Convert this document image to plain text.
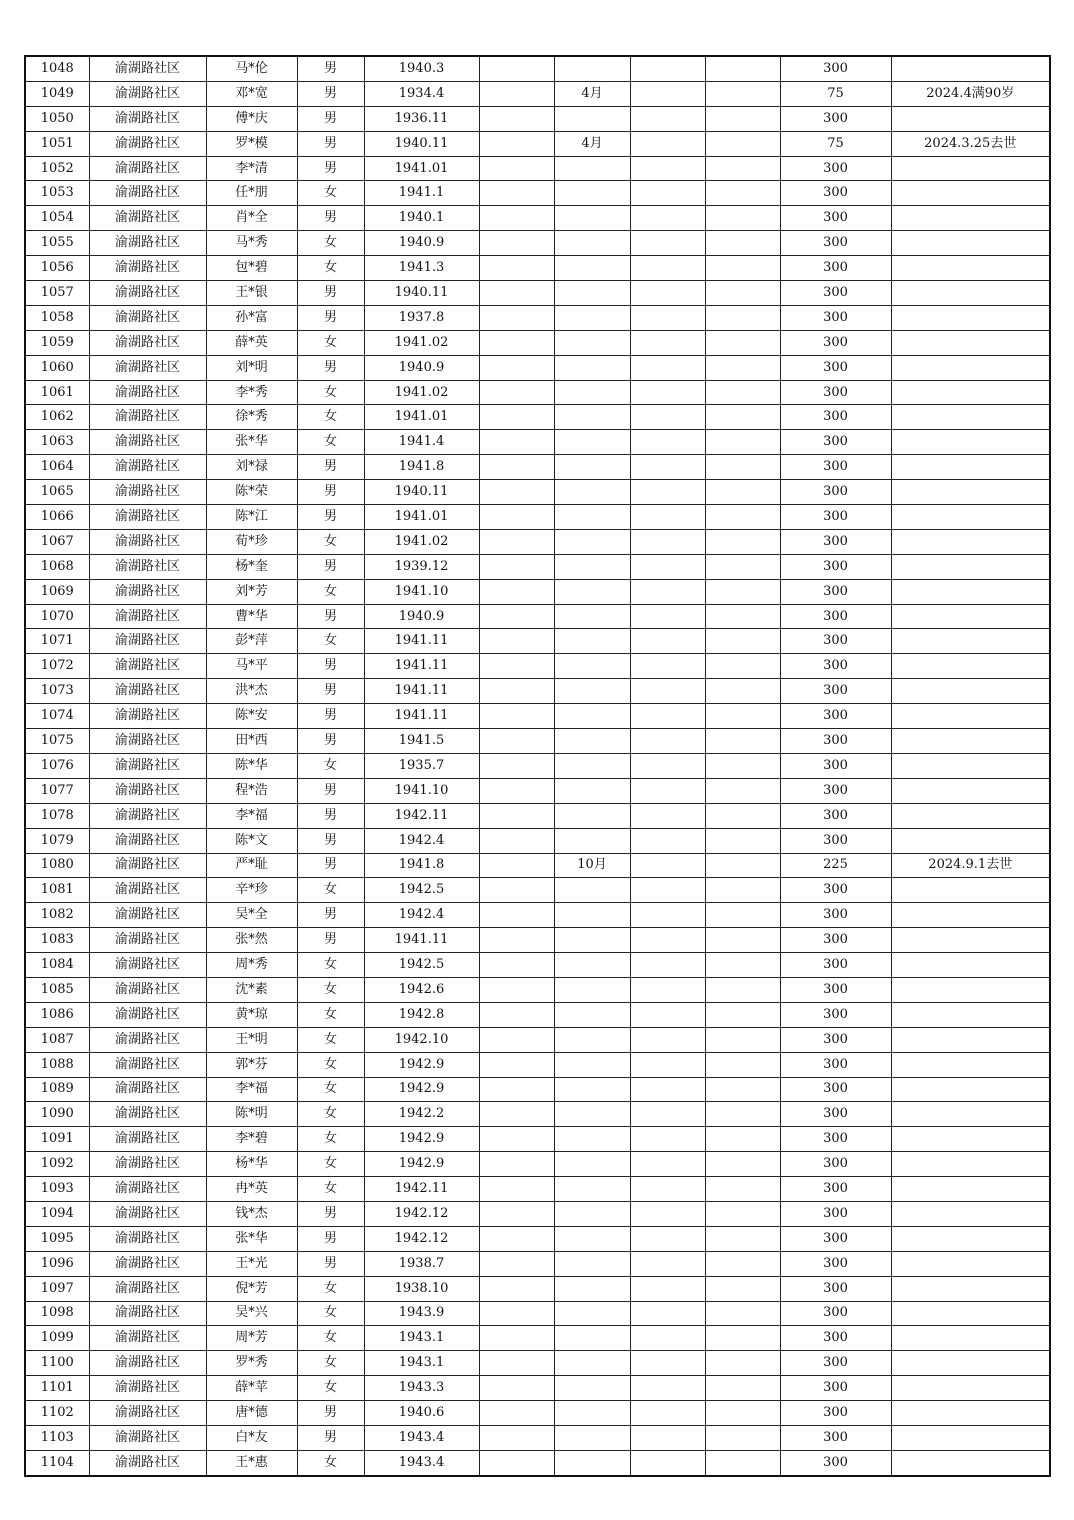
1048	渝湖路社区	马*伦	男	1940.3					300	
1049	渝湖路社区	邓*宽	男	1934.4		4月			75	2024.4满90岁
1050	渝湖路社区	傅*庆	男	1936.11					300	
1051	渝湖路社区	罗*模	男	1940.11		4月			75	2024.3.25去世
1052	渝湖路社区	李*清	男	1941.01					300	
1053	渝湖路社区	任*朋	女	1941.1					300	
1054	渝湖路社区	肖*全	男	1940.1					300	
1055	渝湖路社区	马*秀	女	1940.9					300	
1056	渝湖路社区	包*碧	女	1941.3					300	
1057	渝湖路社区	王*银	男	1940.11					300	
1058	渝湖路社区	孙*富	男	1937.8					300	
1059	渝湖路社区	薛*英	女	1941.02					300	
1060	渝湖路社区	刘*明	男	1940.9					300	
1061	渝湖路社区	李*秀	女	1941.02					300	
1062	渝湖路社区	徐*秀	女	1941.01					300	
1063	渝湖路社区	张*华	女	1941.4					300	
1064	渝湖路社区	刘*禄	男	1941.8					300	
1065	渝湖路社区	陈*荣	男	1940.11					300	
1066	渝湖路社区	陈*江	男	1941.01					300	
1067	渝湖路社区	荀*珍	女	1941.02					300	
1068	渝湖路社区	杨*奎	男	1939.12					300	
1069	渝湖路社区	刘*芳	女	1941.10					300	
1070	渝湖路社区	曹*华	男	1940.9					300	
1071	渝湖路社区	彭*萍	女	1941.11					300	
1072	渝湖路社区	马*平	男	1941.11					300	
1073	渝湖路社区	洪*杰	男	1941.11					300	
1074	渝湖路社区	陈*安	男	1941.11					300	
1075	渝湖路社区	田*西	男	1941.5					300	
1076	渝湖路社区	陈*华	女	1935.7					300	
1077	渝湖路社区	程*浩	男	1941.10					300	
1078	渝湖路社区	李*福	男	1942.11					300	
1079	渝湖路社区	陈*文	男	1942.4					300	
1080	渝湖路社区	严*耻	男	1941.8		10月			225	2024.9.1去世
1081	渝湖路社区	辛*珍	女	1942.5					300	
1082	渝湖路社区	吴*全	男	1942.4					300	
1083	渝湖路社区	张*然	男	1941.11					300	
1084	渝湖路社区	周*秀	女	1942.5					300	
1085	渝湖路社区	沈*素	女	1942.6					300	
1086	渝湖路社区	黄*琼	女	1942.8					300	
1087	渝湖路社区	王*明	女	1942.10					300	
1088	渝湖路社区	郭*芬	女	1942.9					300	
1089	渝湖路社区	李*福	女	1942.9					300	
1090	渝湖路社区	陈*明	女	1942.2					300	
1091	渝湖路社区	李*碧	女	1942.9					300	
1092	渝湖路社区	杨*华	女	1942.9					300	
1093	渝湖路社区	冉*英	女	1942.11					300	
1094	渝湖路社区	钱*杰	男	1942.12					300	
1095	渝湖路社区	张*华	男	1942.12					300	
1096	渝湖路社区	王*光	男	1938.7					300	
1097	渝湖路社区	倪*芳	女	1938.10					300	
1098	渝湖路社区	吴*兴	女	1943.9					300	
1099	渝湖路社区	周*芳	女	1943.1					300	
1100	渝湖路社区	罗*秀	女	1943.1					300	
1101	渝湖路社区	薛*苹	女	1943.3					300	
1102	渝湖路社区	唐*德	男	1940.6					300	
1103	渝湖路社区	白*友	男	1943.4					300	
1104	渝湖路社区	王*惠	女	1943.4					300	
